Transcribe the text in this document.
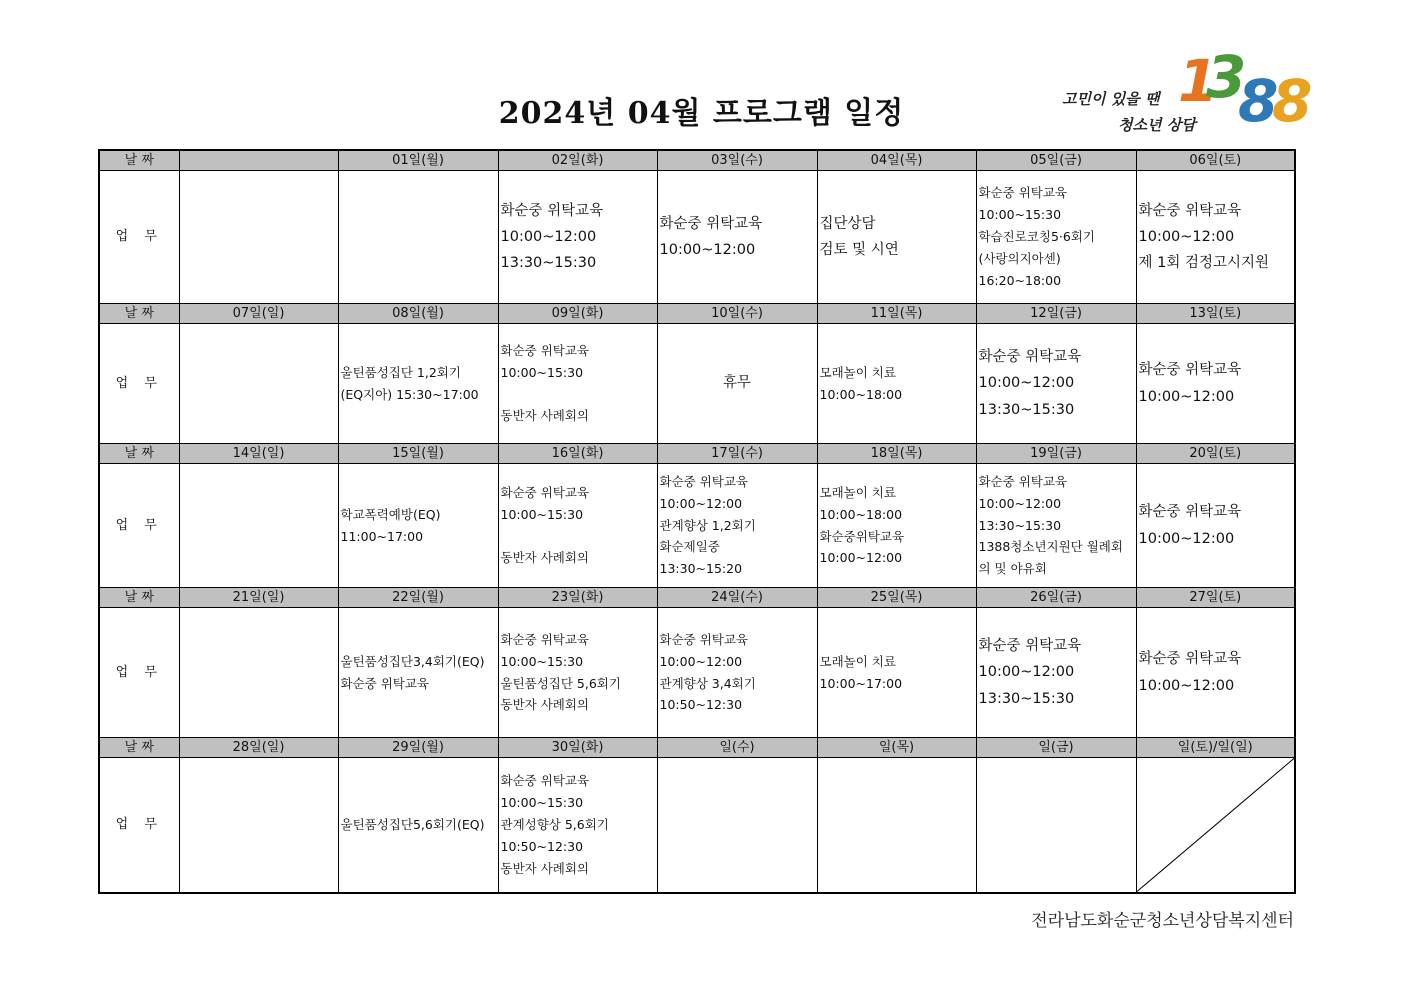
2024년 04월 프로그램 일정	고민이 있을 땐
청소년 상담
1
3
8
8
날 짜		01일(월)	02일(화)	03일(수)	04일(목)	05일(금)	06일(토)
업 무			화순중 위탁교육
10:00~12:00
13:30~15:30	화순중 위탁교육
10:00~12:00	집단상담
검토 및 시연	화순중 위탁교육
10:00~15:30
학습진로코칭5·6회기
(사랑의지아센)
16:20~18:00	화순중 위탁교육
10:00~12:00
제 1회 검정고시지원

날 짜	07일(일)	08일(월)	09일(화)	10일(수)	11일(목)	12일(금)	13일(토)
업 무		울틴품성집단 1,2회기
(EQ지아) 15:30~17:00	화순중 위탁교육
10:00~15:30

동반자 사례회의	휴무	모래놀이 치료
10:00~18:00	화순중 위탁교육
10:00~12:00
13:30~15:30	화순중 위탁교육
10:00~12:00

날 짜	14일(일)	15일(월)	16일(화)	17일(수)	18일(목)	19일(금)	20일(토)
업 무		학교폭력예방(EQ)
11:00~17:00	화순중 위탁교육
10:00~15:30

동반자 사례회의	화순중 위탁교육
10:00~12:00
관계향상 1,2회기
화순제일중
13:30~15:20	모래놀이 치료
10:00~18:00
화순중위탁교육
10:00~12:00	화순중 위탁교육
10:00~12:00
13:30~15:30
1388청소년지원단 월례회의 및 야유회	화순중 위탁교육
10:00~12:00

날 짜	21일(일)	22일(월)	23일(화)	24일(수)	25일(목)	26일(금)	27일(토)
업 무		울틴품성집단3,4회기(EQ)
화순중 위탁교육	화순중 위탁교육
10:00~15:30
울틴품성집단 5,6회기
동반자 사례회의	화순중 위탁교육
10:00~12:00
관계향상 3,4회기
10:50~12:30	모래놀이 치료
10:00~17:00	화순중 위탁교육
10:00~12:00
13:30~15:30	화순중 위탁교육
10:00~12:00

날 짜	28일(일)	29일(월)	30일(화)	일(수)	일(목)	일(금)	일(토)/일(일)
업 무		울틴품성집단5,6회기(EQ)	화순중 위탁교육
10:00~15:30
관계성향상 5,6회기
10:50~12:30
동반자 사례회의

전라남도화순군청소년상담복지센터
